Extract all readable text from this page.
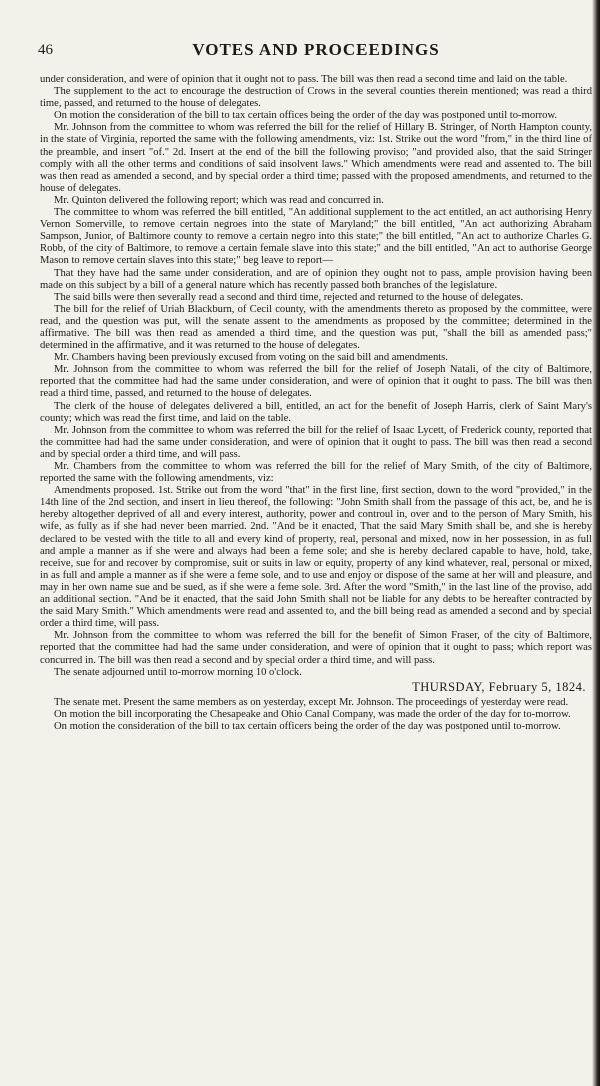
46	VOTES AND PROCEEDINGS

under consideration, and were of opinion that it ought not to pass. The bill was then read a second time and laid on the table.

The supplement to the act to encourage the destruction of Crows in the several counties therein mentioned; was read a third time, passed, and returned to the house of delegates.

On motion the consideration of the bill to tax certain offices being the order of the day was postponed until to-morrow.

Mr. Johnson from the committee to whom was referred the bill for the relief of Hillary B. Stringer, of North Hampton county, in the state of Virginia, reported the same with the following amendments, viz: 1st. Strike out the word "from," in the third line of the preamble, and insert "of." 2d. Insert at the end of the bill the following proviso; "and provided also, that the said Stringer comply with all the other terms and conditions of said insolvent laws." Which amendments were read and assented to. The bill was then read as amended a second, and by special order a third time; passed with the proposed amendments, and returned to the house of delegates.

Mr. Quinton delivered the following report; which was read and concurred in.

The committee to whom was referred the bill entitled, "An additional supplement to the act entitled, an act authorising Henry Vernon Somerville, to remove certain negroes into the state of Maryland;" the bill entitled, "An act authorizing Abraham Sampson, Junior, of Baltimore county to remove a certain negro into this state;" the bill entitled, "An act to authorize Charles G. Robb, of the city of Baltimore, to remove a certain female slave into this state;" and the bill entitled, "An act to authorise George Mason to remove certain slaves into this state;" beg leave to report—

That they have had the same under consideration, and are of opinion they ought not to pass, ample provision having been made on this subject by a bill of a general nature which has recently passed both branches of the legislature.

The said bills were then severally read a second and third time, rejected and returned to the house of delegates.

The bill for the relief of Uriah Blackburn, of Cecil county, with the amendments thereto as proposed by the committee, were read, and the question was put, will the senate assent to the amendments as proposed by the committee; determined in the affirmative. The bill was then read as amended a third time, and the question was put, "shall the bill as amended pass;" determined in the affirmative, and it was returned to the house of delegates.

Mr. Chambers having been previously excused from voting on the said bill and amendments.

Mr. Johnson from the committee to whom was referred the bill for the relief of Joseph Natali, of the city of Baltimore, reported that the committee had had the same under consideration, and were of opinion that it ought to pass. The bill was then read a third time, passed, and returned to the house of delegates.

The clerk of the house of delegates delivered a bill, entitled, an act for the benefit of Joseph Harris, clerk of Saint Mary's county; which was read the first time, and laid on the table.

Mr. Johnson from the committee to whom was referred the bill for the relief of Isaac Lycett, of Frederick county, reported that the committee had had the same under consideration, and were of opinion that it ought to pass. The bill was then read a second and by special order a third time, and will pass.

Mr. Chambers from the committee to whom was referred the bill for the relief of Mary Smith, of the city of Baltimore, reported the same with the following amendments, viz:

Amendments proposed. 1st. Strike out from the word "that" in the first line, first section, down to the word "provided," in the 14th line of the 2nd section, and insert in lieu thereof, the following: "John Smith shall from the passage of this act, be, and he is hereby altogether deprived of all and every interest, authority, power and controul in, over and to the person of Mary Smith, his wife, as fully as if she had never been married. 2nd. "And be it enacted, That the said Mary Smith shall be, and she is hereby declared to be vested with the title to all and every kind of property, real, personal and mixed, now in her possession, in as full and ample a manner as if she were and always had been a feme sole; and she is hereby declared capable to have, hold, take, receive, sue for and recover by compromise, suit or suits in law or equity, property of any kind whatever, real, personal or mixed, in as full and ample a manner as if she were a feme sole, and to use and enjoy or dispose of the same at her will and pleasure, and may in her own name sue and be sued, as if she were a feme sole. 3rd. After the word "Smith," in the last line of the proviso, add an additional section. "And be it enacted, that the said John Smith shall not be liable for any debts to be hereafter contracted by the said Mary Smith." Which amendments were read and assented to, and the bill being read as amended a second and by special order a third time, will pass.

Mr. Johnson from the committee to whom was referred the bill for the benefit of Simon Fraser, of the city of Baltimore, reported that the committee had had the same under consideration, and were of opinion that it ought to pass; which report was concurred in. The bill was then read a second and by special order a third time, and will pass.

The senate adjourned until to-morrow morning 10 o'clock.

THURSDAY, February 5, 1824.

The senate met. Present the same members as on yesterday, except Mr. Johnson. The proceedings of yesterday were read.

On motion the bill incorporating the Chesapeake and Ohio Canal Company, was made the order of the day for to-morrow.

On motion the consideration of the bill to tax certain officers being the order of the day was postponed until to-morrow.
